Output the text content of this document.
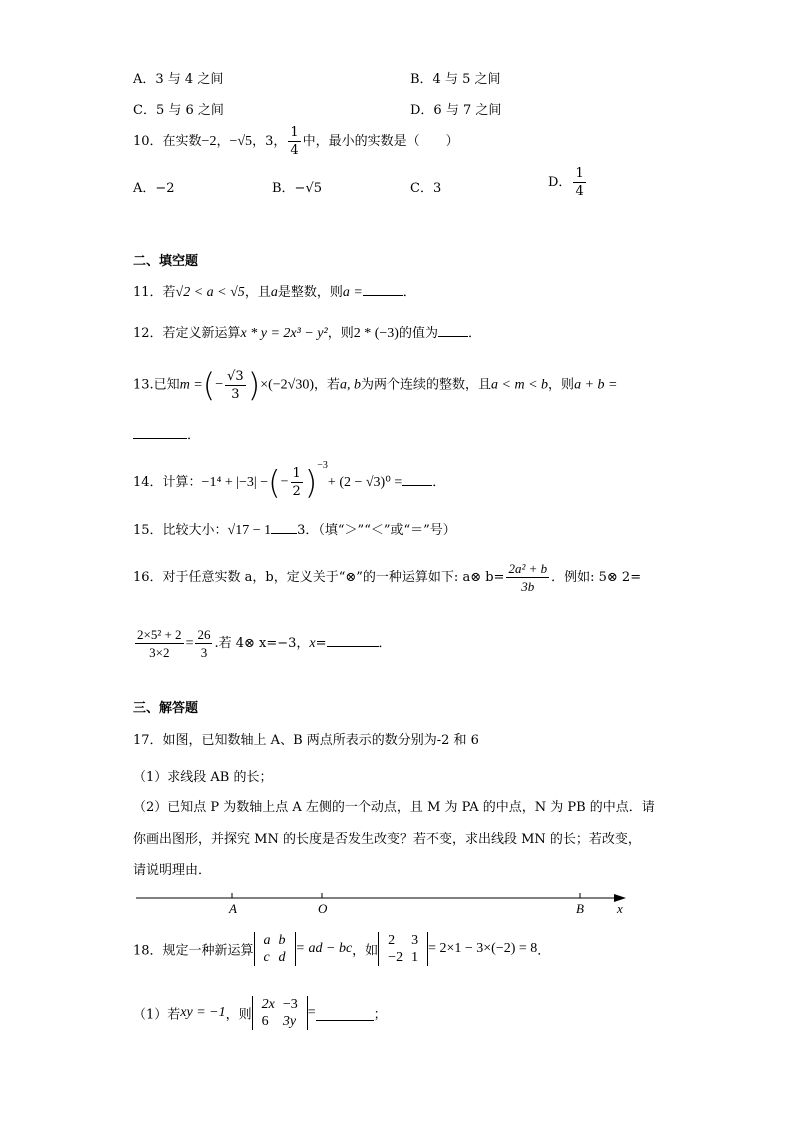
A．3 与 4 之间	B．4 与 5 之间
C．5 与 6 之间	D．6 与 7 之间
10．在实数−2，−√5，3， $\frac{1}{4}$ 中，最小的实数是（　　）
A．−2	B．−√5	C．3	D． $\frac{1}{4}$
二、填空题
11．若√2 < a < √5，且a是整数，则a =	．
12．若定义新运算x * y = 2x³ − y²，则2 * (−3)的值为 ．
13.已知m =(− $\frac{√3}{3} )\times(-2√30)$，若a, b为两个连续的整数，且a < m < b，则a + b =
．
14．计算：−1⁴ + |−3| −(− $\frac{1}{2} )^{-3}+ (2 - √3)^0$ = ．
15．比较大小：√17 − 1 3．（填“＞”“＜”或“＝”号）
16．对于任意实数 a，b，定义关于“⊗”的一种运算如下: a⊗ $b= \frac{\text{2a² + b}}{3b}$ ．例如: 5⊗ 2=
$\frac{\text{2×5² + 2}}{3\times 2} = \frac{26}{3}$ .若 4⊗ x=−3，x=	．
三、解答题
17．如图，已知数轴上 A、B 两点所表示的数分别为-2 和 6
（1）求线段 AB 的长；
（2）已知点 P 为数轴上点 A 左侧的一个动点，且 M 为 PA 的中点，N 为 PB 的中点．请
你画出图形，并探究 MN 的长度是否发生改变？若不变，求出线段 MN 的长；若改变，
请说明理由．
A	O	B	x
18．规定一种新运算
a	b
c	d
= ad − bc，如
2	3
−2	1
= 2×1 − 3×(−2) = 8．
（1）若xy = −1，则
2x	−3
6	3y
=	；
